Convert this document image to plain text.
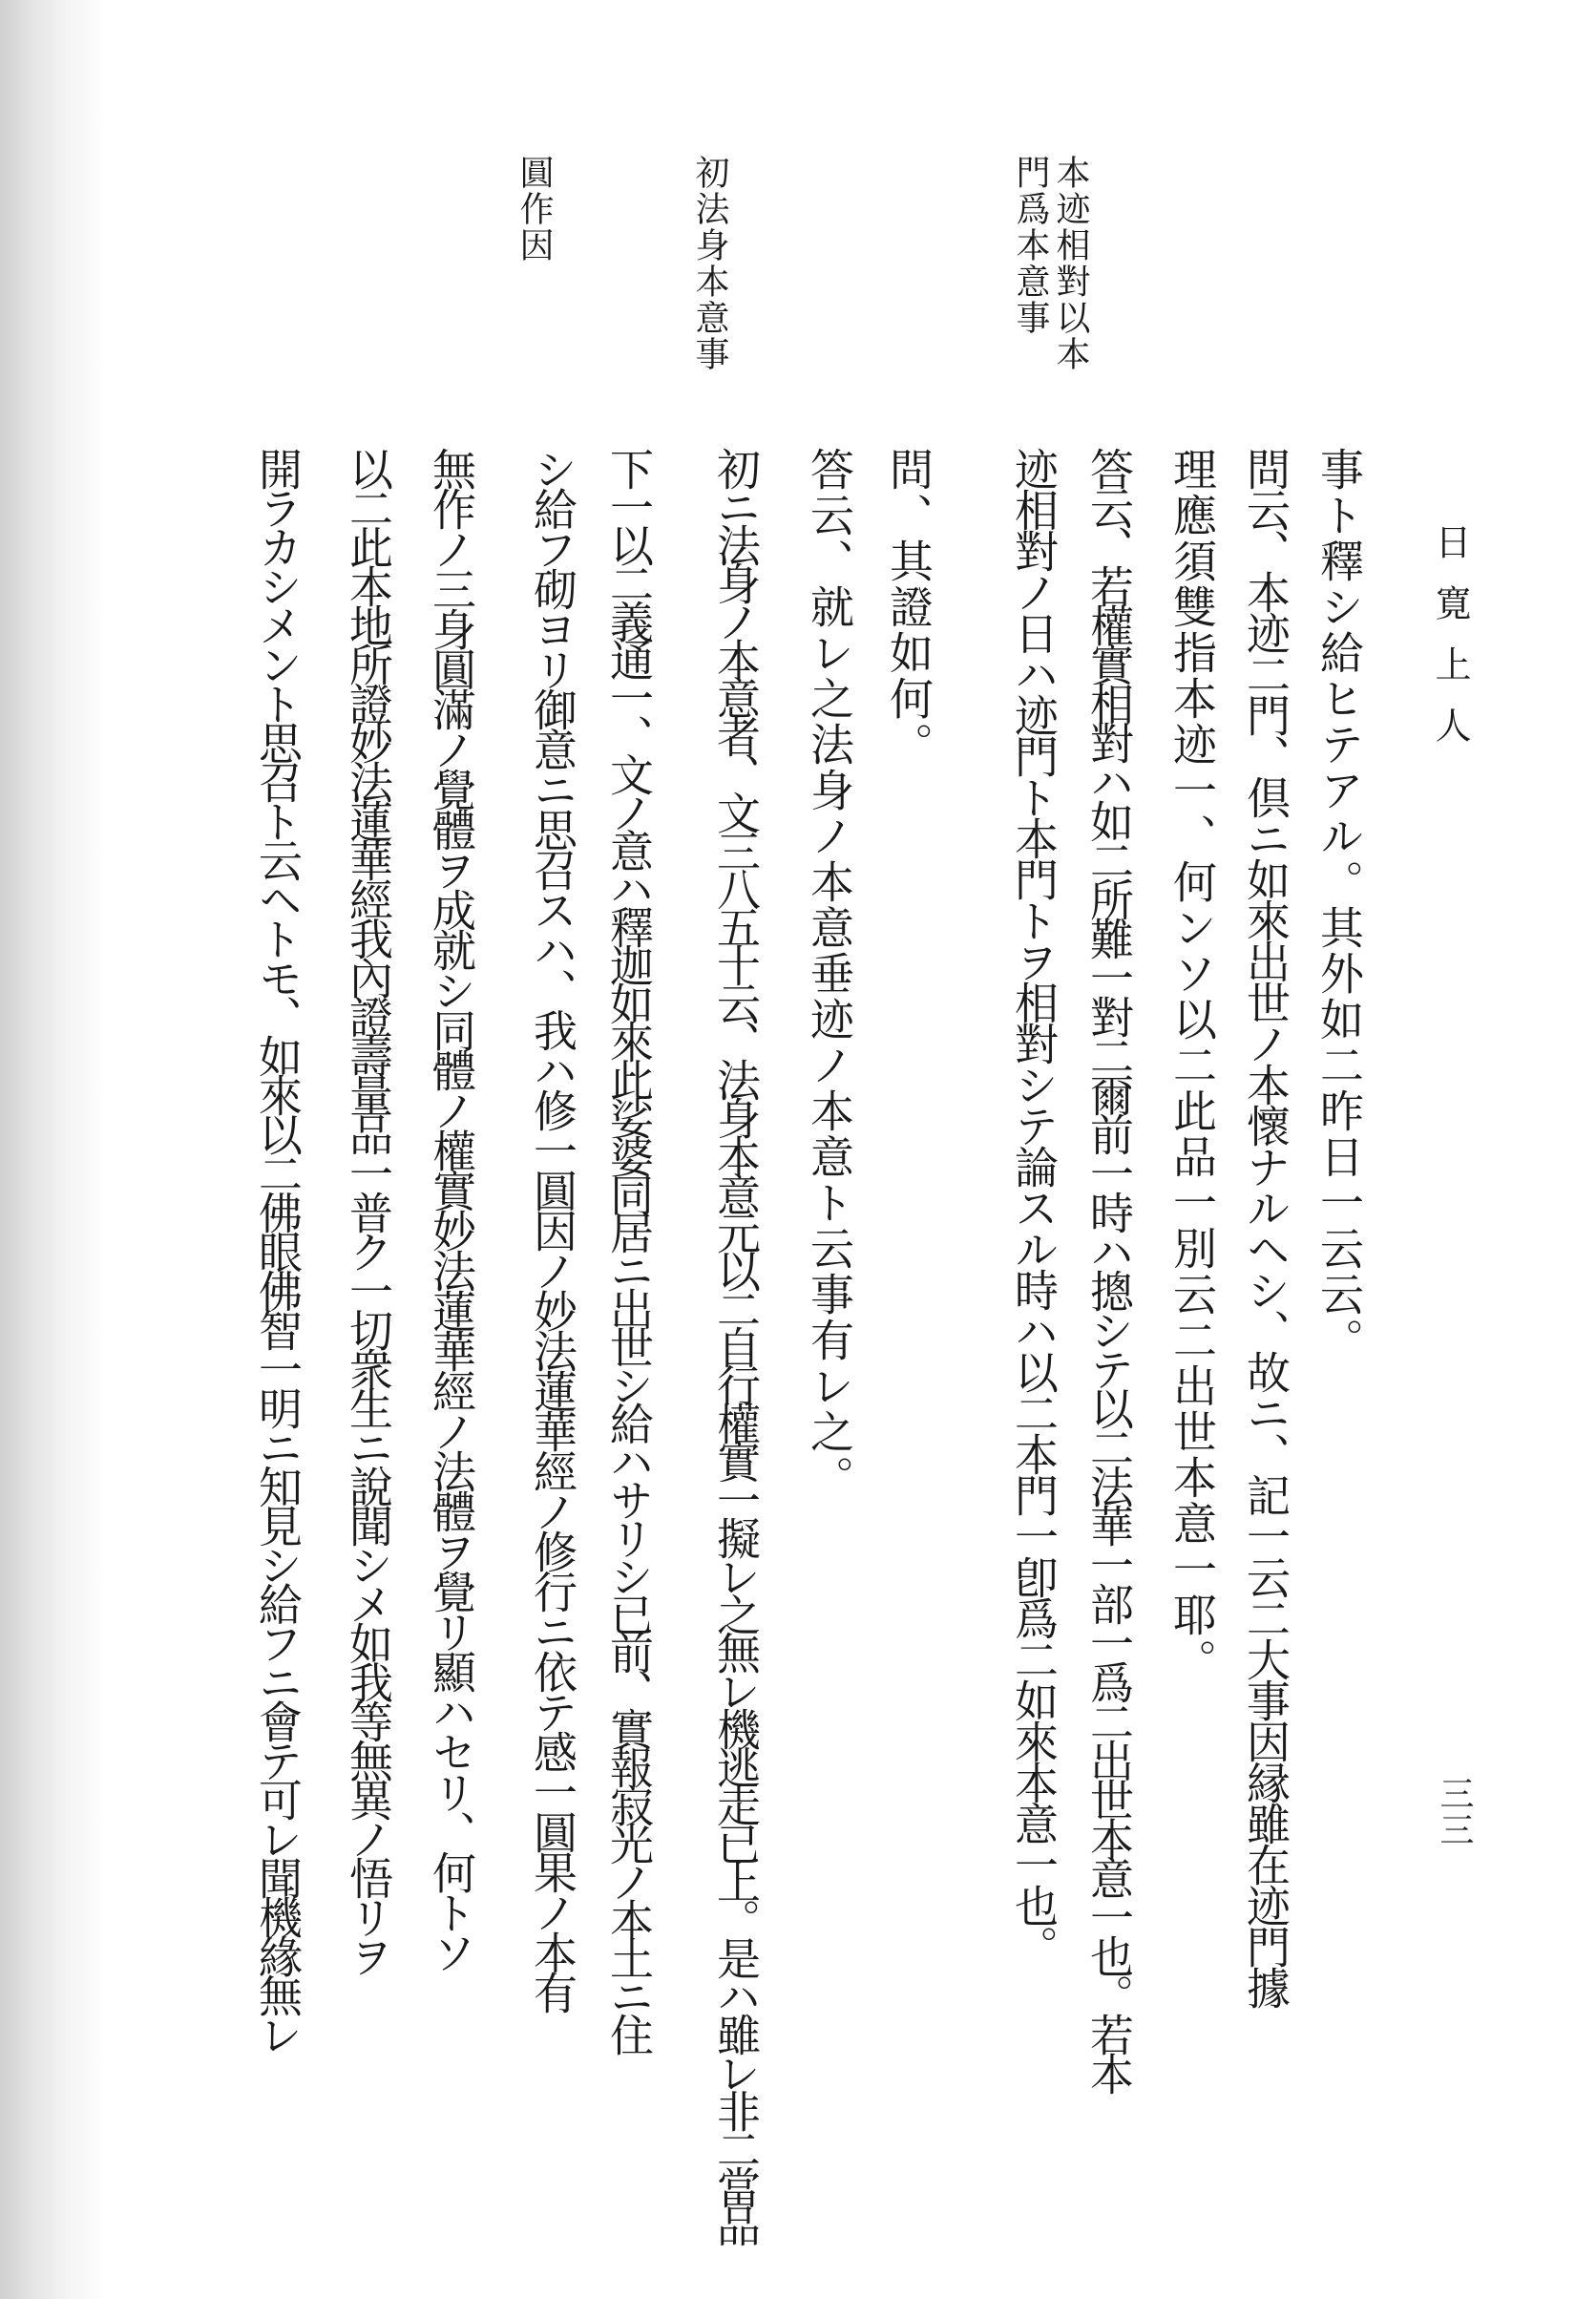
日寛上人
三三
事ト釋シ給ヒテアル。其外如二昨日一云云。
問云、本迹二門、倶ニ如來出世ノ本懷ナルヘシ、故ニ、記一云二大事因縁雖在迹門據
理應須雙指本迹一、何ンソ以二此品一別云二出世本意一耶。
答云、若權實相對ハ如二所難一對二爾前一時ハ摠シテ以二法華一部一爲二出世本意一也。若本
迹相對ノ日ハ迹門ト本門トヲ相對シテ論スル時ハ以二本門一卽爲二如來本意一也。
問、其證如何。
答云、就レ之法身ノ本意垂迹ノ本意ト云事有レ之。
初ニ法身ノ本意者、文三八五十云、法身本意元以二自行權實一擬レ之無レ機逃走已上。是ハ雖レ非二當品
下一以二義通一、文ノ意ハ釋迦如來此娑婆同居ニ出世シ給ハサリシ已前、實報寂光ノ本土ニ住
シ給フ砌ヨリ御意ニ思召スハ、我ハ修一圓因ノ妙法蓮華經ノ修行ニ依テ感一圓果ノ本有
無作ノ三身圓滿ノ覺體ヲ成就シ同體ノ權實妙法蓮華經ノ法體ヲ覺リ顯ハセリ、何トソ
以二此本地所證妙法蓮華經我內證壽量品一普ク一切衆生ニ說聞シメ如我等無異ノ悟リヲ
開ラカシメント思召ト云ヘトモ、如來以二佛眼佛智一明ニ知見シ給フニ會テ可レ聞機緣無レ
本迹相對以本門爲本意事
初法身本意事
圓作因
